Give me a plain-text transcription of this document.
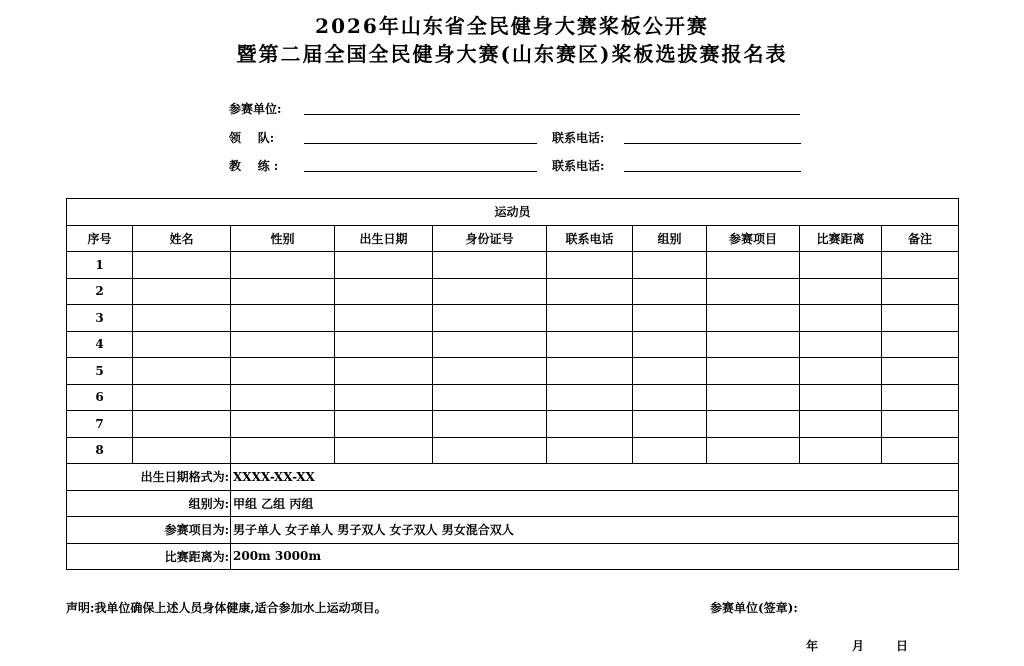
2026年山东省全民健身大赛桨板公开赛
暨第二届全国全民健身大赛(山东赛区)桨板选拔赛报名表
参赛单位:
领    队:	联系电话:
教    练 :	联系电话:
运动员									
序号	姓名	性别	出生日期	身份证号	联系电话	组别	参赛项目	比赛距离	备注
1									
2									
3									
4									
5									
6									
7									
8									
出生日期格式为:		XXXX-XX-XX							
组别为:		甲组 乙组 丙组							
参赛项目为:		男子单人 女子单人 男子双人 女子双人 男女混合双人							
比赛距离为:		200m 3000m							
声明:我单位确保上述人员身体健康,适合参加水上运动项目。	参赛单位(签章):
年	月	日
